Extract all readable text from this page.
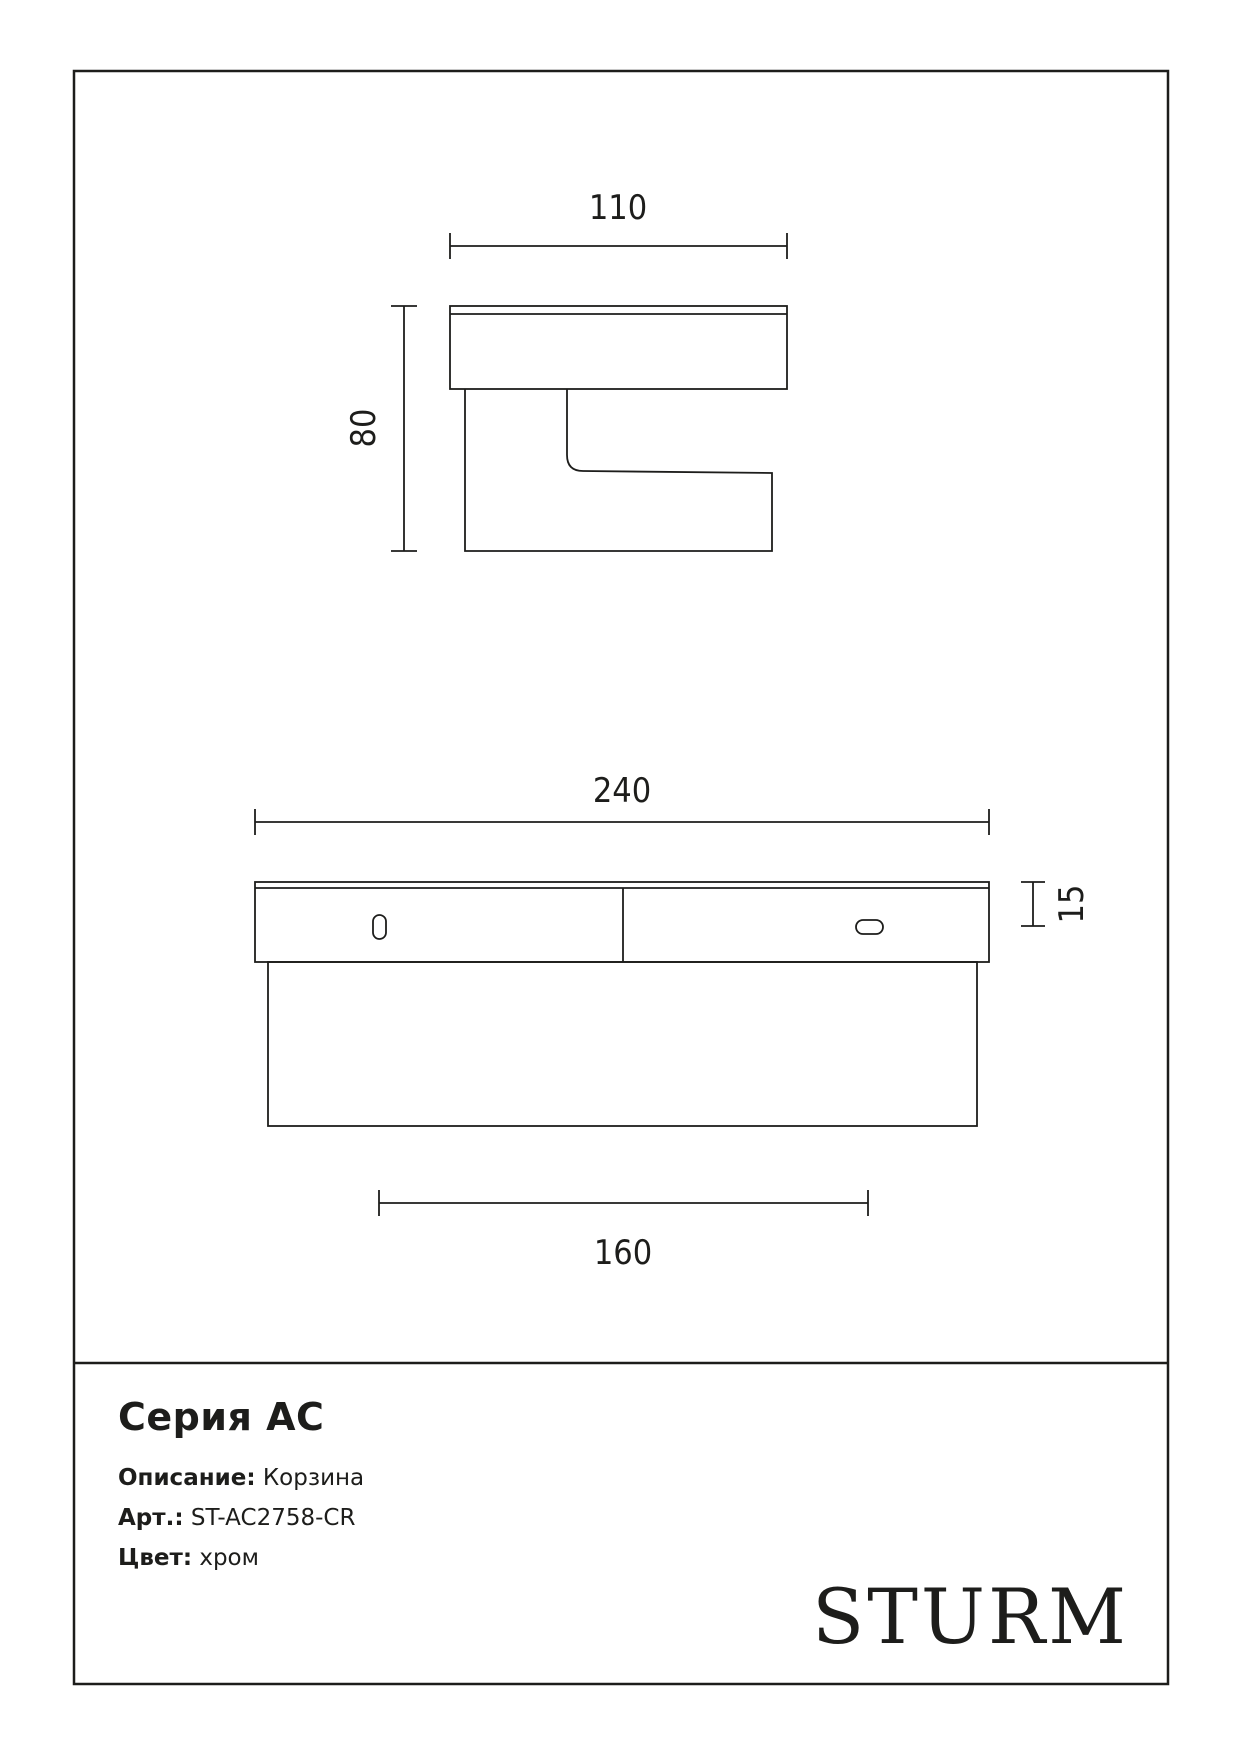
110
80
240
15
160

Серия АС

Описание: Корзина

Арт.: ST-AC2758-CR

Цвет: хром

STURM
